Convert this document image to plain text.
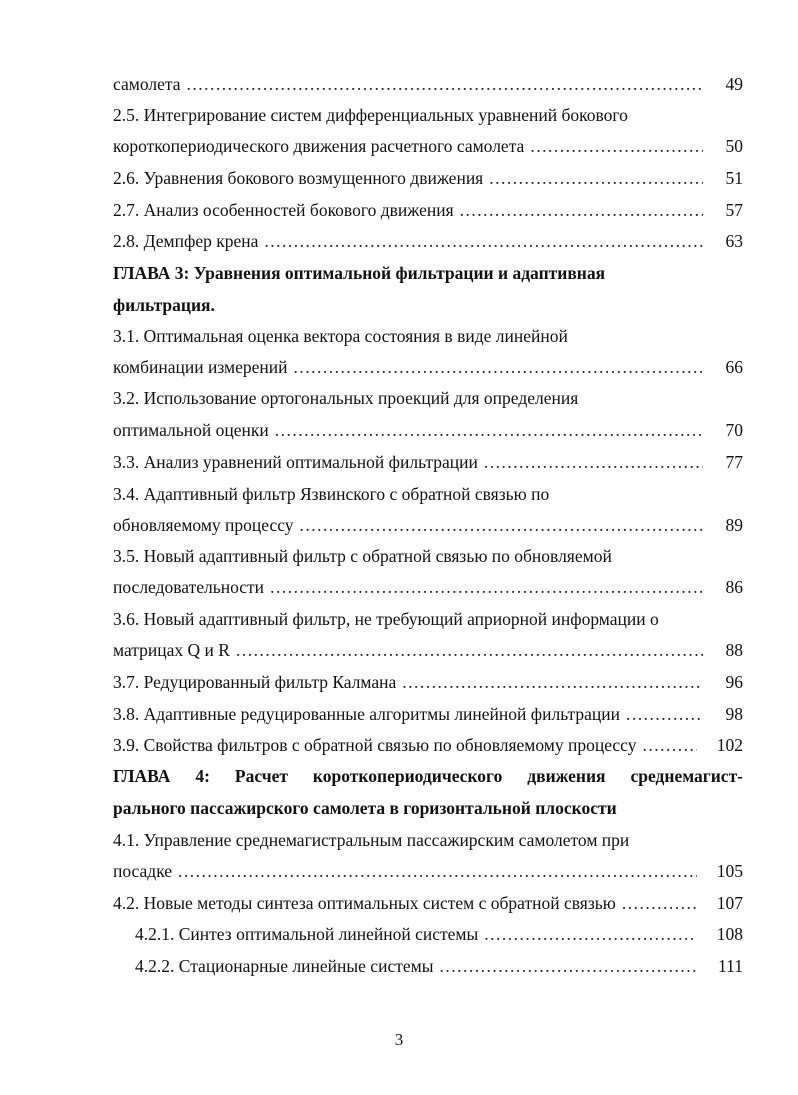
самолета .....	49
2.5. Интегрирование систем дифференциальных уравнений бокового
короткопериодического движения расчетного самолета .....	50
2.6. Уравнения бокового возмущенного движения .....	51
2.7. Анализ особенностей бокового движения .....	57
2.8. Демпфер крена .....	63
ГЛАВА 3: Уравнения оптимальной фильтрации и адаптивная
фильтрация.
3.1. Оптимальная оценка вектора состояния в виде линейной
комбинации измерений .....	66
3.2. Использование ортогональных проекций для определения
оптимальной оценки .....	70
3.3. Анализ уравнений оптимальной фильтрации .....	77
3.4. Адаптивный фильтр Язвинского с обратной связью по
обновляемому процессу .....	89
3.5. Новый адаптивный фильтр с обратной связью по обновляемой
последовательности .....	86
3.6. Новый адаптивный фильтр, не требующий априорной информации о
матрицах Q и R .....	88
3.7. Редуцированный фильтр Калмана .....	96
3.8. Адаптивные редуцированные алгоритмы линейной фильтрации .....	98
3.9. Свойства фильтров с обратной связью по обновляемому процессу .....	102
ГЛАВА 4: Расчет короткопериодического движения среднемагист-
рального пассажирского самолета в горизонтальной плоскости
4.1. Управление среднемагистральным пассажирским самолетом при
посадке .....	105
4.2. Новые методы синтеза оптимальных систем с обратной связью .....	107
4.2.1. Синтез оптимальной линейной системы .....	108
4.2.2. Стационарные линейные системы .....	111
3
